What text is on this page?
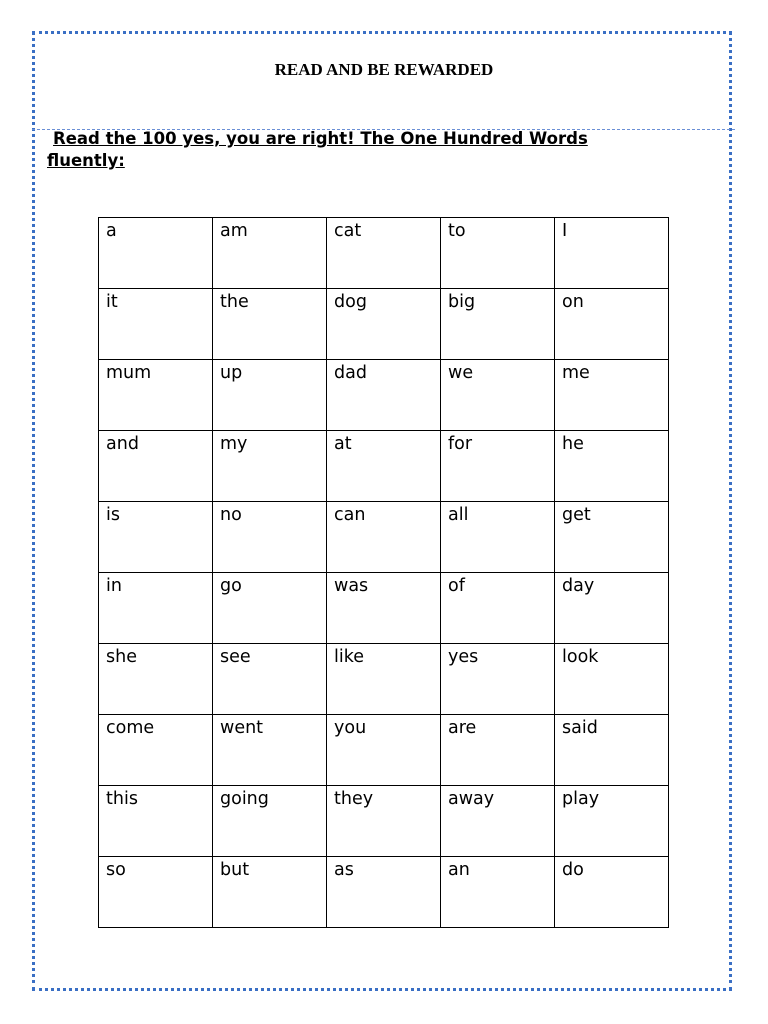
READ AND BE REWARDED
Read the 100 yes, you are right! The One Hundred Words fluently:
a	am	cat	to	I

it	the	dog	big	on

mum	up	dad	we	me

and	my	at	for	he

is	no	can	all	get

in	go	was	of	day

she	see	like	yes	look

come	went	you	are	said

this	going	they	away	play

so	but	as	an	do
